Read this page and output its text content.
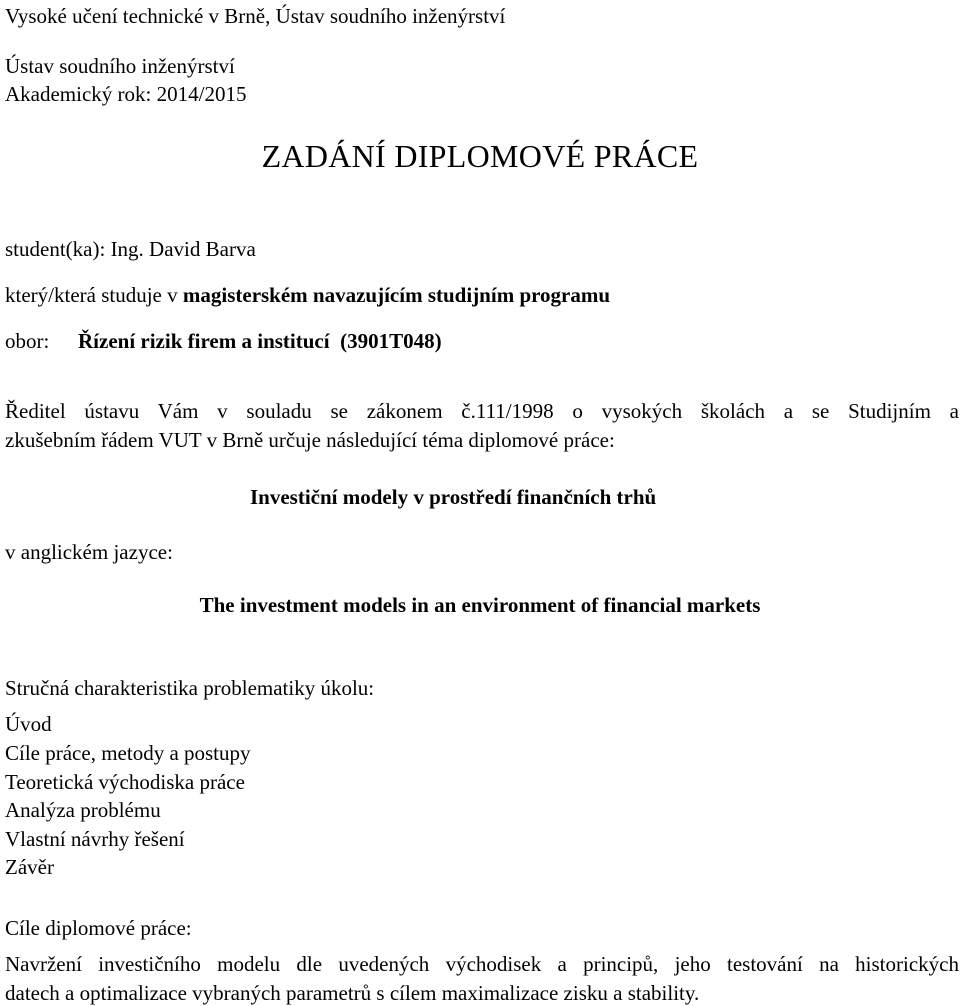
Vysoké učení technické v Brně, Ústav soudního inženýrství
Ústav soudního inženýrství
Akademický rok: 2014/2015
ZADÁNÍ DIPLOMOVÉ PRÁCE
student(ka): Ing. David Barva
který/která studuje v magisterském navazujícím studijním programu
obor: Řízení rizik firem a institucí (3901T048)
Ředitel ústavu Vám v souladu se zákonem č.111/1998 o vysokých školách a se Studijním a
zkušebním řádem VUT v Brně určuje následující téma diplomové práce:
Investiční modely v prostředí finančních trhů
v anglickém jazyce:
The investment models in an environment of financial markets
Stručná charakteristika problematiky úkolu:
Úvod
Cíle práce, metody a postupy
Teoretická východiska práce
Analýza problému
Vlastní návrhy řešení
Závěr
Cíle diplomové práce:
Navržení investičního modelu dle uvedených východisek a principů, jeho testování na historických
datech a optimalizace vybraných parametrů s cílem maximalizace zisku a stability.
